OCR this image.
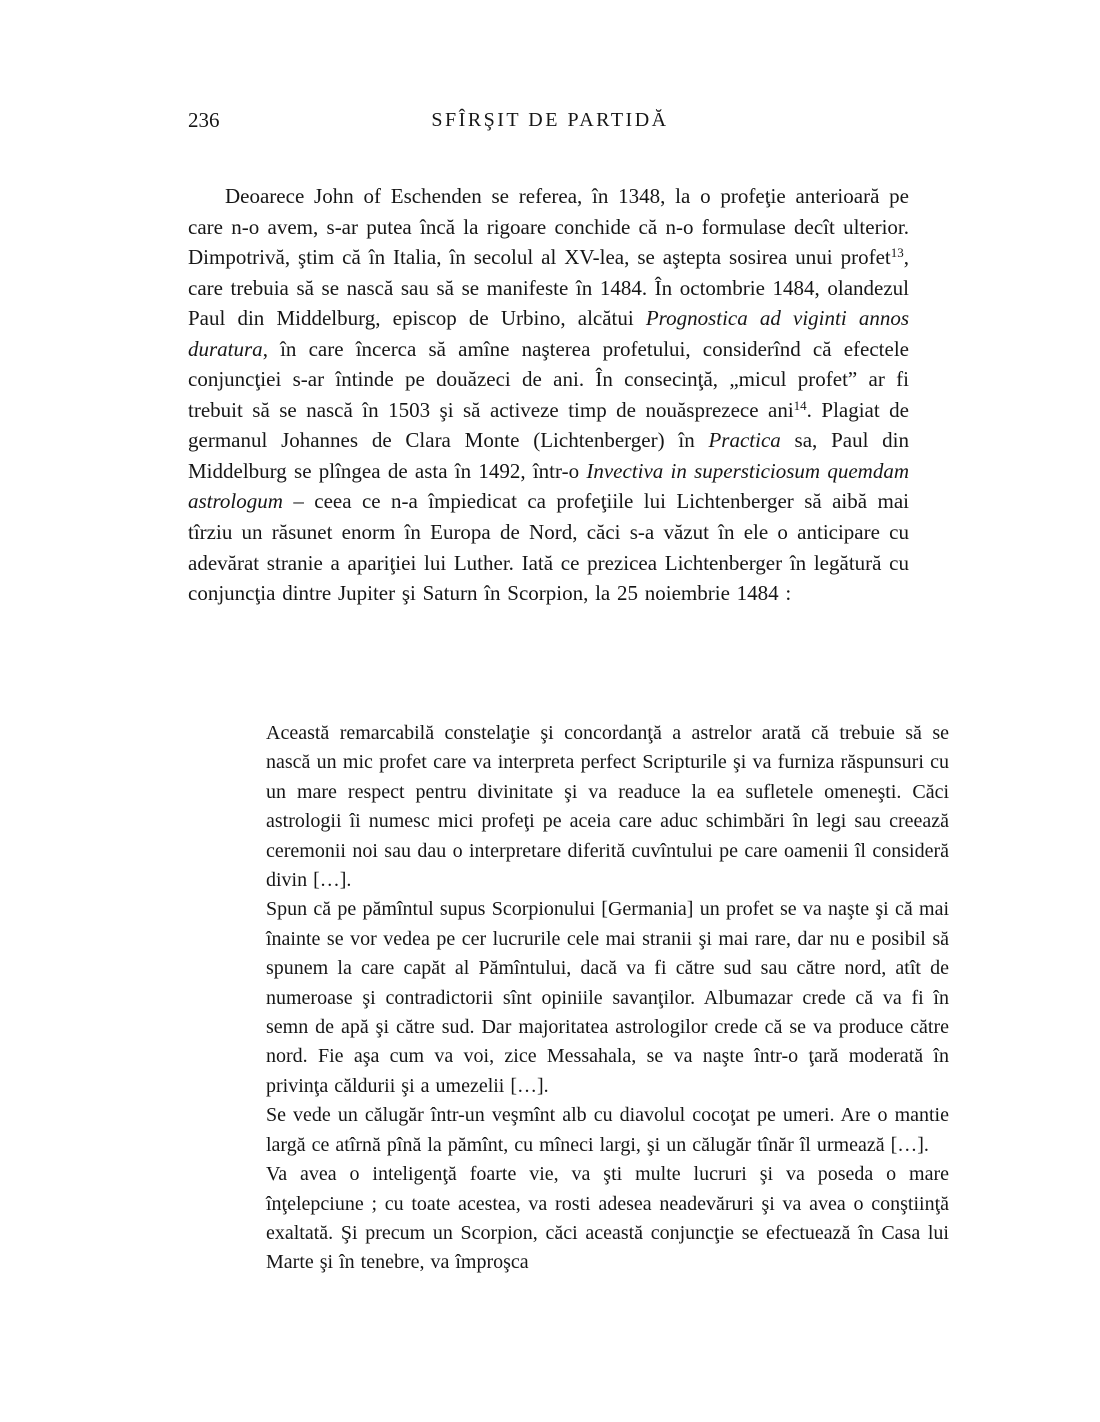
236	SFÎRŞIT DE PARTIDĂ

Deoarece John of Eschenden se referea, în 1348, la o profeţie anterioară pe care n-o avem, s-ar putea încă la rigoare conchide că n-o formulase decît ulterior. Dimpotrivă, ştim că în Italia, în secolul al XV-lea, se aştepta sosirea unui profet$^{13}$, care trebuia să se nască sau să se manifeste în 1484. În octombrie 1484, olandezul Paul din Middelburg, episcop de Urbino, alcătui Prognostica ad viginti annos duratura, în care încerca să amîne naşterea profetului, considerînd că efectele conjuncţiei s-ar întinde pe douăzeci de ani. În consecinţă, „micul profet” ar fi trebuit să se nască în 1503 şi să activeze timp de nouăsprezece ani$^{14}$. Plagiat de germanul Johannes de Clara Monte (Lichtenberger) în Practica sa, Paul din Middelburg se plîngea de asta în 1492, într-o Invectiva in supersticiosum quemdam astrologum – ceea ce n-a împiedicat ca profeţiile lui Lichtenberger să aibă mai tîrziu un răsunet enorm în Europa de Nord, căci s-a văzut în ele o anticipare cu adevărat stranie a apariţiei lui Luther. Iată ce prezicea Lichtenberger în legătură cu conjuncţia dintre Jupiter şi Saturn în Scorpion, la 25 noiembrie 1484 :

Această remarcabilă constelaţie şi concordanţă a astrelor arată că trebuie să se nască un mic profet care va interpreta perfect Scripturile şi va furniza răspunsuri cu un mare respect pentru divinitate şi va readuce la ea sufletele omeneşti. Căci astrologii îi numesc mici profeţi pe aceia care aduc schimbări în legi sau creează ceremonii noi sau dau o interpretare diferită cuvîntului pe care oamenii îl consideră divin […].

Spun că pe pămîntul supus Scorpionului [Germania] un profet se va naşte şi că mai înainte se vor vedea pe cer lucrurile cele mai stranii şi mai rare, dar nu e posibil să spunem la care capăt al Pămîntului, dacă va fi către sud sau către nord, atît de numeroase şi contradictorii sînt opiniile savanţilor. Albumazar crede că va fi în semn de apă şi către sud. Dar majoritatea astrologilor crede că se va produce către nord. Fie aşa cum va voi, zice Messahala, se va naşte într-o ţară moderată în privinţa căldurii şi a umezelii […].

Se vede un călugăr într-un veşmînt alb cu diavolul cocoţat pe umeri. Are o mantie largă ce atîrnă pînă la pămînt, cu mîneci largi, şi un călugăr tînăr îl urmează […].

Va avea o inteligenţă foarte vie, va şti multe lucruri şi va poseda o mare înţelepciune ; cu toate acestea, va rosti adesea neadevăruri şi va avea o conştiinţă exaltată. Şi precum un Scorpion, căci această conjuncţie se efectuează în Casa lui Marte şi în tenebre, va împroşca
